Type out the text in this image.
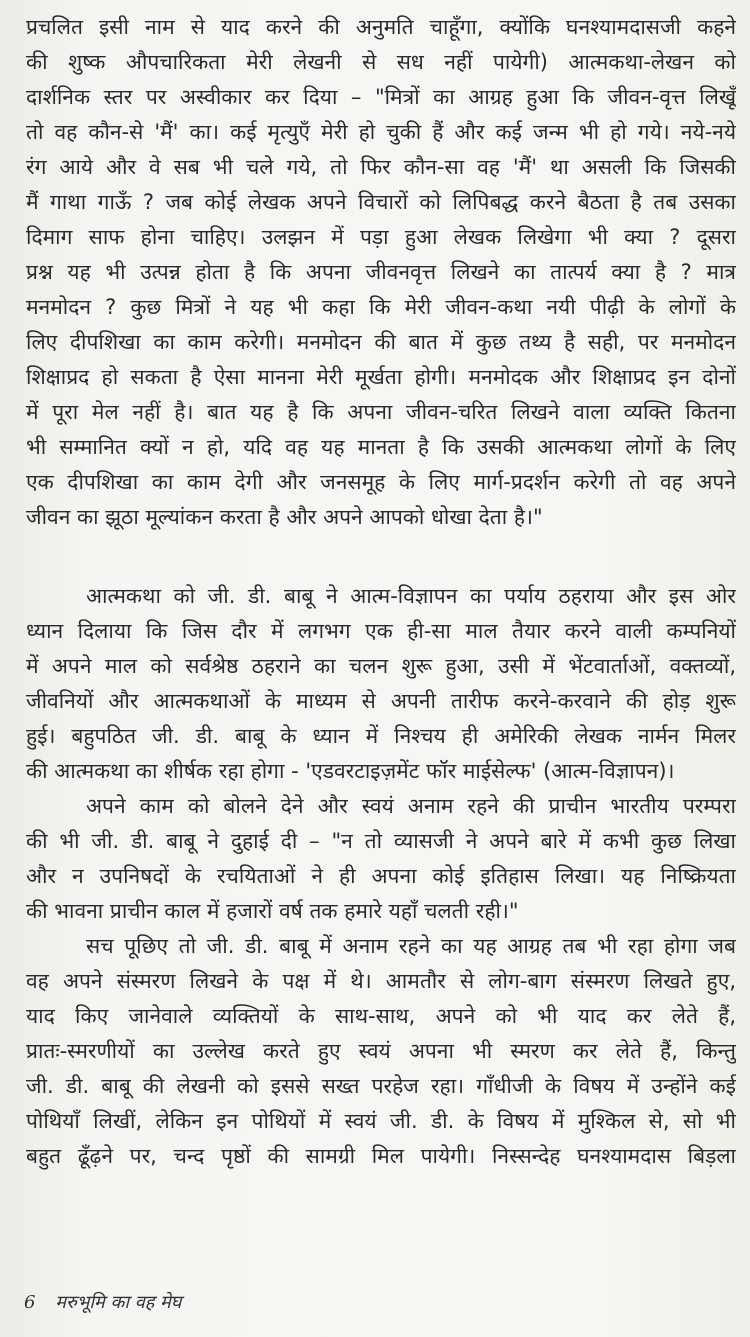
प्रचलित इसी नाम से याद करने की अनुमति चाहूँगा, क्योंकि घनश्यामदासजी कहने
की शुष्क औपचारिकता मेरी लेखनी से सध नहीं पायेगी) आत्मकथा-लेखन को
दार्शनिक स्तर पर अस्वीकार कर दिया – "मित्रों का आग्रह हुआ कि जीवन-वृत्त लिखूँ
तो वह कौन-से 'मैं' का। कई मृत्युएँ मेरी हो चुकी हैं और कई जन्म भी हो गये। नये-नये
रंग आये और वे सब भी चले गये, तो फिर कौन-सा वह 'मैं' था असली कि जिसकी
मैं गाथा गाऊँ ? जब कोई लेखक अपने विचारों को लिपिबद्ध करने बैठता है तब उसका
दिमाग साफ होना चाहिए। उलझन में पड़ा हुआ लेखक लिखेगा भी क्या ? दूसरा
प्रश्न यह भी उत्पन्न होता है कि अपना जीवनवृत्त लिखने का तात्पर्य क्या है ? मात्र
मनमोदन ? कुछ मित्रों ने यह भी कहा कि मेरी जीवन-कथा नयी पीढ़ी के लोगों के
लिए दीपशिखा का काम करेगी। मनमोदन की बात में कुछ तथ्य है सही, पर मनमोदन
शिक्षाप्रद हो सकता है ऐसा मानना मेरी मूर्खता होगी। मनमोदक और शिक्षाप्रद इन दोनों
में पूरा मेल नहीं है। बात यह है कि अपना जीवन-चरित लिखने वाला व्यक्ति कितना
भी सम्मानित क्यों न हो, यदि वह यह मानता है कि उसकी आत्मकथा लोगों के लिए
एक दीपशिखा का काम देगी और जनसमूह के लिए मार्ग-प्रदर्शन करेगी तो वह अपने
जीवन का झूठा मूल्यांकन करता है और अपने आपको धोखा देता है।"
आत्मकथा को जी. डी. बाबू ने आत्म-विज्ञापन का पर्याय ठहराया और इस ओर
ध्यान दिलाया कि जिस दौर में लगभग एक ही-सा माल तैयार करने वाली कम्पनियों
में अपने माल को सर्वश्रेष्ठ ठहराने का चलन शुरू हुआ, उसी में भेंटवार्ताओं, वक्तव्यों,
जीवनियों और आत्मकथाओं के माध्यम से अपनी तारीफ करने-करवाने की होड़ शुरू
हुई। बहुपठित जी. डी. बाबू के ध्यान में निश्चय ही अमेरिकी लेखक नार्मन मिलर
की आत्मकथा का शीर्षक रहा होगा - 'एडवरटाइज़मेंट फॉर माईसेल्फ' (आत्म-विज्ञापन)।
अपने काम को बोलने देने और स्वयं अनाम रहने की प्राचीन भारतीय परम्परा
की भी जी. डी. बाबू ने दुहाई दी – "न तो व्यासजी ने अपने बारे में कभी कुछ लिखा
और न उपनिषदों के रचयिताओं ने ही अपना कोई इतिहास लिखा। यह निष्क्रियता
की भावना प्राचीन काल में हजारों वर्ष तक हमारे यहाँ चलती रही।"
सच पूछिए तो जी. डी. बाबू में अनाम रहने का यह आग्रह तब भी रहा होगा जब
वह अपने संस्मरण लिखने के पक्ष में थे। आमतौर से लोग-बाग संस्मरण लिखते हुए,
याद किए जानेवाले व्यक्तियों के साथ-साथ, अपने को भी याद कर लेते हैं,
प्रातः-स्मरणीयों का उल्लेख करते हुए स्वयं अपना भी स्मरण कर लेते हैं, किन्तु
जी. डी. बाबू की लेखनी को इससे सख्त परहेज रहा। गाँधीजी के विषय में उन्होंने कई
पोथियाँ लिखीं, लेकिन इन पोथियों में स्वयं जी. डी. के विषय में मुश्किल से, सो भी
बहुत ढूँढ़ने पर, चन्द पृष्ठों की सामग्री मिल पायेगी। निस्सन्देह घनश्यामदास बिड़ला
6 मरुभूमि का वह मेघ
